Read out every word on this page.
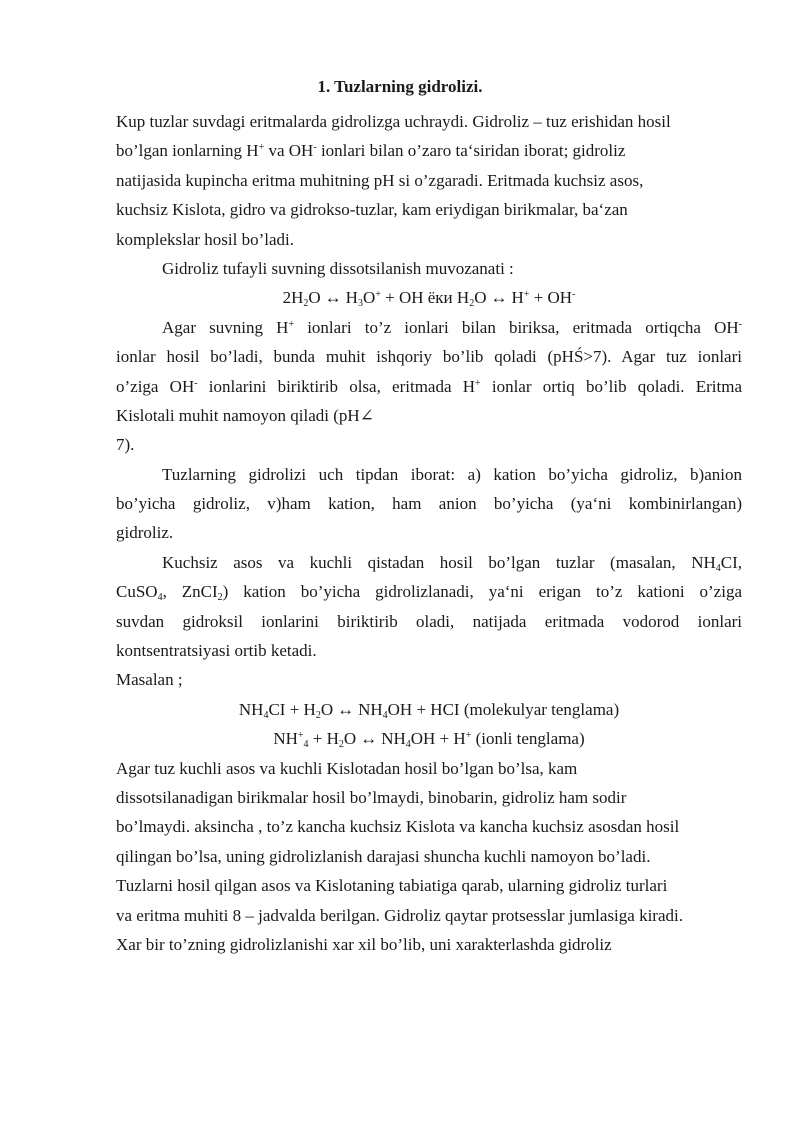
1. Tuzlarning gidrolizi.
Kup tuzlar suvdagi eritmalarda gidrolizga uchraydi. Gidroliz – tuz erishidan hosil
bo’lgan ionlarning H+ va OH- ionlari bilan o’zaro ta‘siridan iborat; gidroliz
natijasida kupincha eritma muhitning pH si o’zgaradi. Eritmada kuchsiz asos,
kuchsiz Kislota, gidro va gidrokso-tuzlar, kam eriydigan birikmalar, ba‘zan
komplekslar hosil bo’ladi.
Gidroliz tufayli suvning dissotsilanish muvozanati :
$2H_2O$ ↔ $H_3O^+$ + OH ёки $H_2O$ ↔ H+ + OH-
Agar suvning H+ ionlari to’z ionlari bilan biriksa, eritmada ortiqcha OH-
ionlar hosil bo’ladi, bunda muhit ishqoriy bo’lib qoladi (pHŚ>7). Agar tuz ionlari
o’ziga OH- ionlarini biriktirib olsa, eritmada H+ ionlar ortiq bo’lib qoladi. Eritma
Kislotali muhit namoyon qiladi (pH∠
7).
Tuzlarning gidrolizi uch tipdan iborat: a) kation bo’yicha gidroliz, b)anion
bo’yicha gidroliz, v)ham kation, ham anion bo’yicha (ya‘ni kombinirlangan)
gidroliz.
Kuchsiz asos va kuchli qistadan hosil bo’lgan tuzlar (masalan, $NH_4CI$,
CuSO$_4$, ZnCI$_2$) kation bo’yicha gidrolizlanadi, ya‘ni erigan to’z kationi o’ziga
suvdan gidroksil ionlarini biriktirib oladi, natijada eritmada vodorod ionlari
kontsentratsiyasi ortib ketadi.
Masalan ;
$NH_4CI + H_2O$ ↔ $NH_4OH$ + HCI (molekulyar tenglama)
$NH^+_4 + H_2O$ ↔ $NH_4OH + H^+$ (ionli tenglama)
Agar tuz kuchli asos va kuchli Kislotadan hosil bo’lgan bo’lsa, kam
dissotsilanadigan birikmalar hosil bo’lmaydi, binobarin, gidroliz ham sodir
bo’lmaydi. aksincha , to’z kancha kuchsiz Kislota va kancha kuchsiz asosdan hosil
qilingan bo’lsa, uning gidrolizlanish darajasi shuncha kuchli namoyon bo’ladi.
Tuzlarni hosil qilgan asos va Kislotaning tabiatiga qarab, ularning gidroliz turlari
va eritma muhiti 8 – jadvalda berilgan. Gidroliz qaytar protsesslar jumlasiga kiradi.
Xar bir to’zning gidrolizlanishi xar xil bo’lib, uni xarakterlashda gidroliz
